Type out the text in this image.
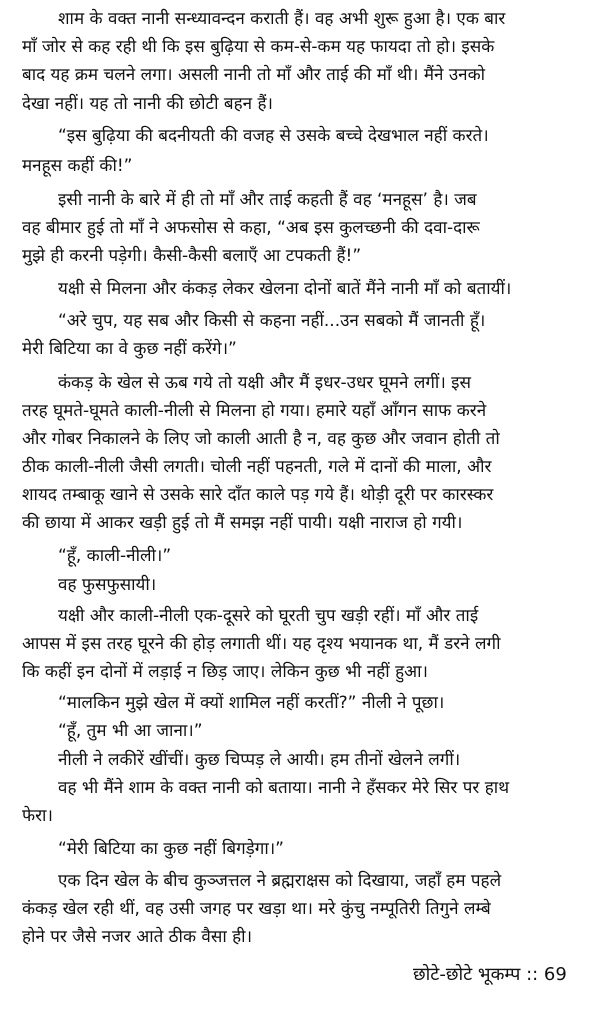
शाम के वक्त नानी सन्ध्यावन्दन कराती हैं। वह अभी शुरू हुआ है। एक बार
माँ जोर से कह रही थी कि इस बुढ़िया से कम-से-कम यह फायदा तो हो। इसके
बाद यह क्रम चलने लगा। असली नानी तो माँ और ताई की माँ थी। मैंने उनको
देखा नहीं। यह तो नानी की छोटी बहन हैं।
“इस बुढ़िया की बदनीयती की वजह से उसके बच्चे देखभाल नहीं करते।
मनहूस कहीं की!”
इसी नानी के बारे में ही तो माँ और ताई कहती हैं वह ‘मनहूस’ है। जब
वह बीमार हुई तो माँ ने अफसोस से कहा, “अब इस कुलच्छनी की दवा-दारू
मुझे ही करनी पड़ेगी। कैसी-कैसी बलाएँ आ टपकती हैं!”
यक्षी से मिलना और कंकड़ लेकर खेलना दोनों बातें मैंने नानी माँ को बतायीं।
“अरे चुप, यह सब और किसी से कहना नहीं...उन सबको मैं जानती हूँ।
मेरी बिटिया का वे कुछ नहीं करेंगे।”
कंकड़ के खेल से ऊब गये तो यक्षी और मैं इधर-उधर घूमने लगीं। इस
तरह घूमते-घूमते काली-नीली से मिलना हो गया। हमारे यहाँ आँगन साफ करने
और गोबर निकालने के लिए जो काली आती है न, वह कुछ और जवान होती तो
ठीक काली-नीली जैसी लगती। चोली नहीं पहनती, गले में दानों की माला, और
शायद तम्बाकू खाने से उसके सारे दाँत काले पड़ गये हैं। थोड़ी दूरी पर कारस्कर
की छाया में आकर खड़ी हुई तो मैं समझ नहीं पायी। यक्षी नाराज हो गयी।
“हूँ, काली-नीली।”
वह फुसफुसायी।
यक्षी और काली-नीली एक-दूसरे को घूरती चुप खड़ी रहीं। माँ और ताई
आपस में इस तरह घूरने की होड़ लगाती थीं। यह दृश्य भयानक था, मैं डरने लगी
कि कहीं इन दोनों में लड़ाई न छिड़ जाए। लेकिन कुछ भी नहीं हुआ।
“मालकिन मुझे खेल में क्यों शामिल नहीं करतीं?” नीली ने पूछा।
“हूँ, तुम भी आ जाना।”
नीली ने लकीरें खींचीं। कुछ चिप्पड़ ले आयी। हम तीनों खेलने लगीं।
वह भी मैंने शाम के वक्त नानी को बताया। नानी ने हँसकर मेरे सिर पर हाथ
फेरा।
“मेरी बिटिया का कुछ नहीं बिगड़ेगा।”
एक दिन खेल के बीच कुञ्जत्तल ने ब्रह्मराक्षस को दिखाया, जहाँ हम पहले
कंकड़ खेल रही थीं, वह उसी जगह पर खड़ा था। मरे कुंचु नम्पूतिरी तिगुने लम्बे
होने पर जैसे नजर आते ठीक वैसा ही।
छोटे-छोटे भूकम्प :: 69
